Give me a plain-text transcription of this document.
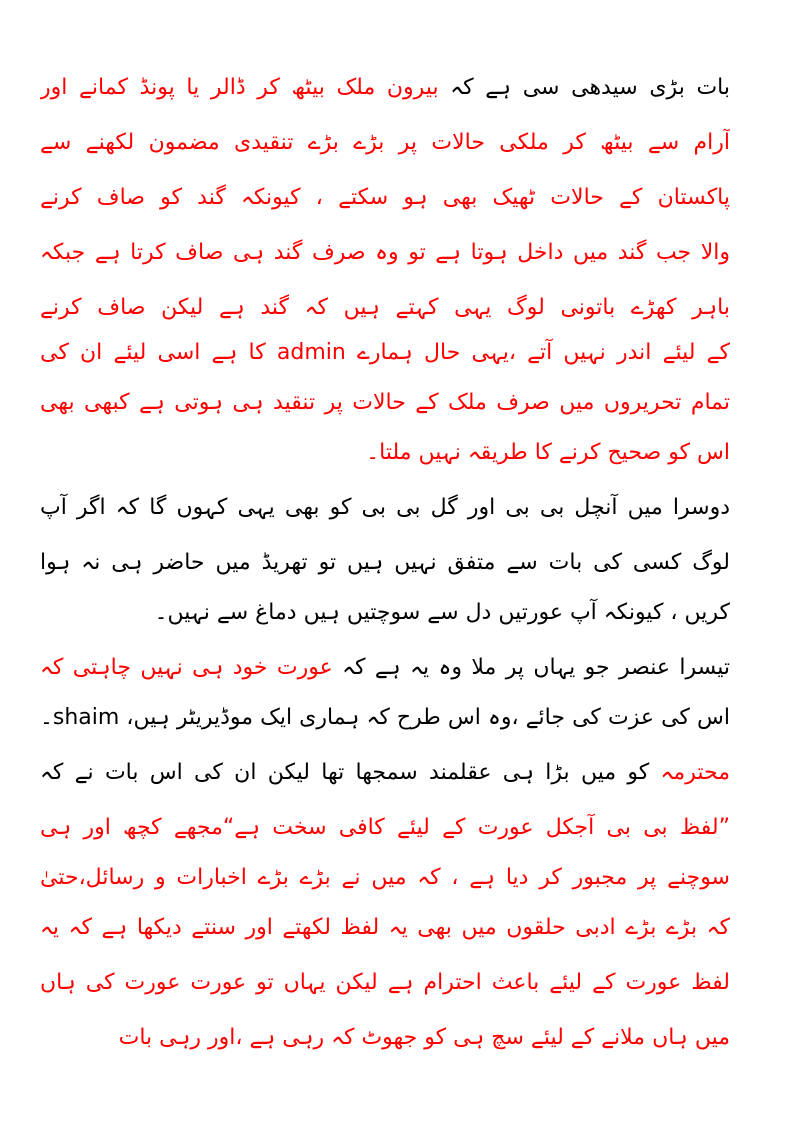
بات بڑی سیدھی سی ہے کہ بیرون ملک بیٹھ کر ڈالر یا پونڈ کمانے اور
آرام سے بیٹھ کر ملکی حالات پر بڑے بڑے تنقیدی مضمون لکھنے سے
پاکستان کے حالات ٹھیک بھی ہو سکتے ، کیونکہ گند کو صاف کرنے
والا جب گند میں داخل ہوتا ہے تو وہ صرف گند ہی صاف کرتا ہے جبکہ
باہر کھڑے باتونی لوگ یہی کہتے ہیں کہ گند ہے لیکن صاف کرنے
کے لیئے اندر نہیں آتے ،یہی حال ہمارے admin کا ہے اسی لیئے ان کی
تمام تحریروں میں صرف ملک کے حالات پر تنقید ہی ہوتی ہے کبھی بھی
اس کو صحیح کرنے کا طریقہ نہیں ملتا۔
دوسرا میں آنچل بی بی اور گل بی بی کو بھی یہی کہوں گا کہ اگر آپ
لوگ کسی کی بات سے متفق نہیں ہیں تو تھریڈ میں حاضر ہی نہ ہوا
کریں ، کیونکہ آپ عورتیں دل سے سوچتیں ہیں دماغ سے نہیں۔
تیسرا عنصر جو یہاں پر ملا وہ یہ ہے کہ عورت خود ہی نہیں چاہتی کہ
اس کی عزت کی جائے ،وہ اس طرح کہ ہماری ایک موڈیریٹر ہیں، shaim۔
محترمہ کو میں بڑا ہی عقلمند سمجھا تھا لیکن ان کی اس بات نے کہ
”لفظ بی بی آجکل عورت کے لیئے کافی سخت ہے“مجھے کچھ اور ہی
سوچنے پر مجبور کر دیا ہے ، کہ میں نے بڑے بڑے اخبارات و رسائل،حتیٰ
کہ بڑے بڑے ادبی حلقوں میں بھی یہ لفظ لکھتے اور سنتے دیکھا ہے کہ یہ
لفظ عورت کے لیئے باعث احترام ہے لیکن یہاں تو عورت عورت کی ہاں
میں ہاں ملانے کے لیئے سچ ہی کو جھوٹ کہ رہی ہے ،اور رہی بات
